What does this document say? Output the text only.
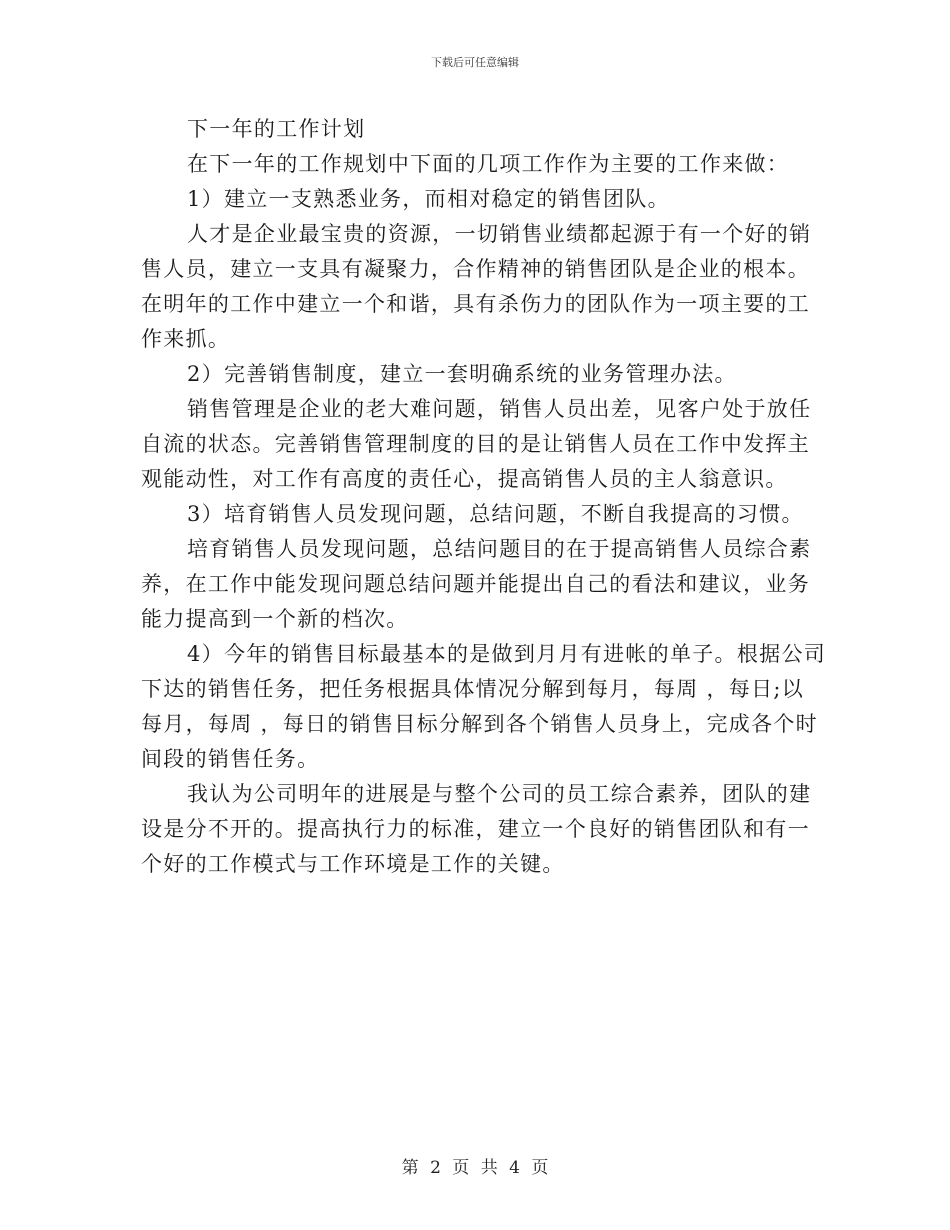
下载后可任意编辑
下一年的工作计划
在下一年的工作规划中下面的几项工作作为主要的工作来做：
1）建立一支熟悉业务，而相对稳定的销售团队。
人才是企业最宝贵的资源，一切销售业绩都起源于有一个好的销
售人员，建立一支具有凝聚力，合作精神的销售团队是企业的根本。
在明年的工作中建立一个和谐，具有杀伤力的团队作为一项主要的工
作来抓。
2）完善销售制度，建立一套明确系统的业务管理办法。
销售管理是企业的老大难问题，销售人员出差，见客户处于放任
自流的状态。完善销售管理制度的目的是让销售人员在工作中发挥主
观能动性，对工作有高度的责任心，提高销售人员的主人翁意识。
3）培育销售人员发现问题，总结问题，不断自我提高的习惯。
培育销售人员发现问题，总结问题目的在于提高销售人员综合素
养，在工作中能发现问题总结问题并能提出自己的看法和建议，业务
能力提高到一个新的档次。
4）今年的销售目标最基本的是做到月月有进帐的单子。根据公司
下达的销售任务，把任务根据具体情况分解到每月，每周 ，每日;以
每月，每周 ，每日的销售目标分解到各个销售人员身上，完成各个时
间段的销售任务。
我认为公司明年的进展是与整个公司的员工综合素养，团队的建
设是分不开的。提高执行力的标准，建立一个良好的销售团队和有一
个好的工作模式与工作环境是工作的关键。
第 2 页 共 4 页
